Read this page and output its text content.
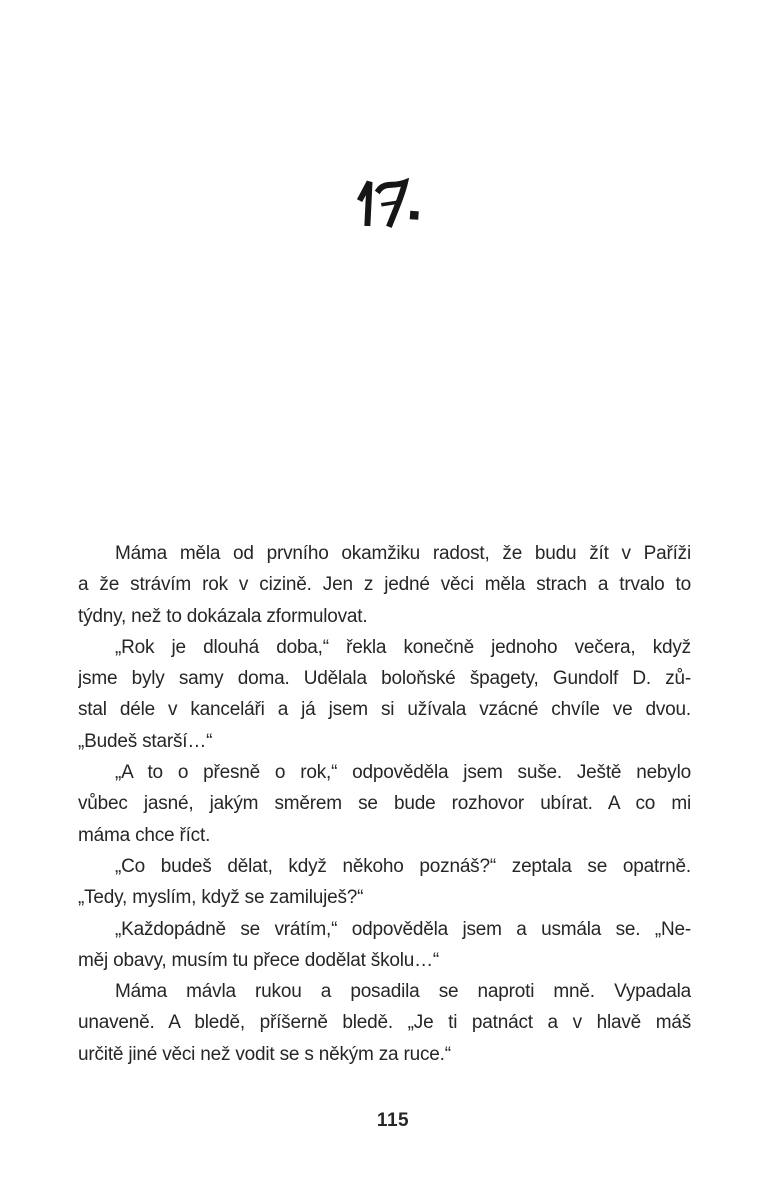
Máma měla od prvního okamžiku radost, že budu žít v Paříži
a že strávím rok v cizině. Jen z jedné věci měla strach a trvalo to
týdny, než to dokázala zformulovat.
„Rok je dlouhá doba,“ řekla konečně jednoho večera, když
jsme byly samy doma. Udělala boloňské špagety, Gundolf D. zů-
stal déle v kanceláři a já jsem si užívala vzácné chvíle ve dvou.
„Budeš starší…“
„A to o přesně o rok,“ odpověděla jsem suše. Ještě nebylo
vůbec jasné, jakým směrem se bude rozhovor ubírat. A co mi
máma chce říct.
„Co budeš dělat, když někoho poznáš?“ zeptala se opatrně.
„Tedy, myslím, když se zamiluješ?“
„Každopádně se vrátím,“ odpověděla jsem a usmála se. „Ne-
měj obavy, musím tu přece dodělat školu…“
Máma mávla rukou a posadila se naproti mně. Vypadala
unaveně. A bledě, příšerně bledě. „Je ti patnáct a v hlavě máš
určitě jiné věci než vodit se s někým za ruce.“
115
